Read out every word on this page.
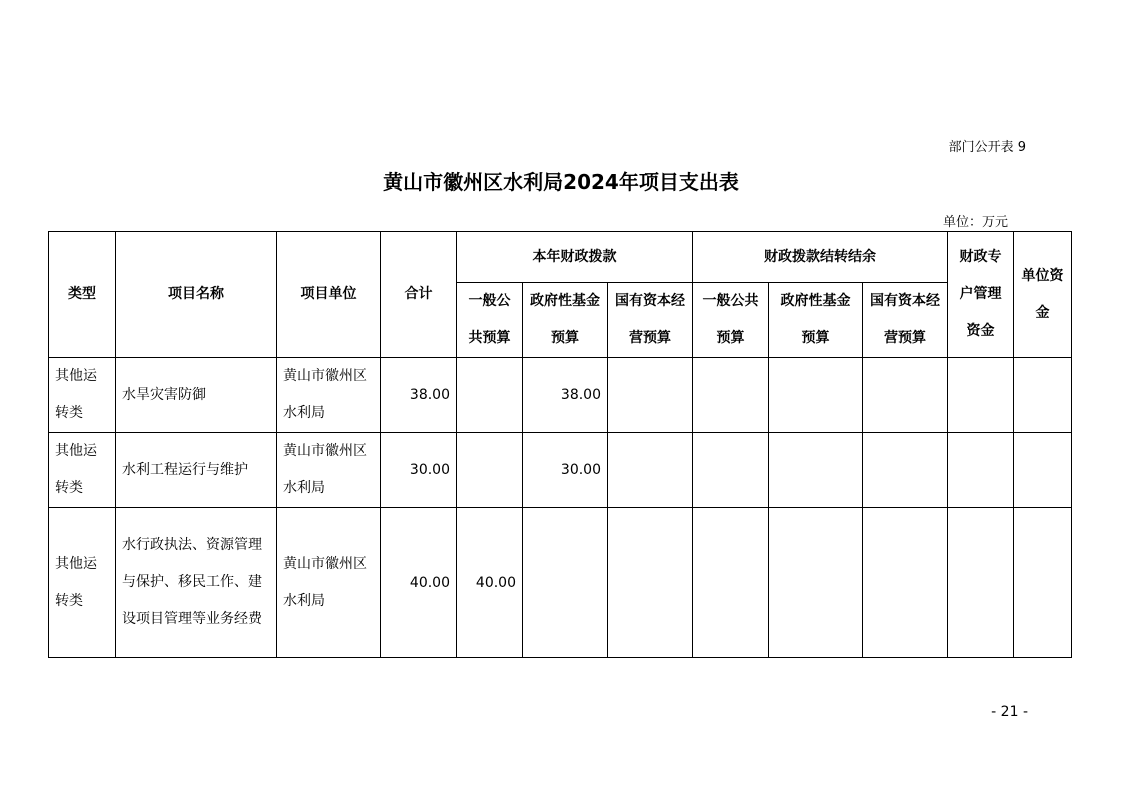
部门公开表 9
黄山市徽州区水利局2024年项目支出表
单位：万元
类型	项目名称	项目单位	合计	本年财政拨款			财政拨款结转结余			财政专户管理资金	单位资金
				一般公共预算	政府性基金预算	国有资本经营预算	一般公共预算	政府性基金预算	国有资本经营预算		
其他运转类	水旱灾害防御	黄山市徽州区水利局	38.00		38.00						
其他运转类	水利工程运行与维护	黄山市徽州区水利局	30.00		30.00						
其他运转类	水行政执法、资源管理与保护、移民工作、建设项目管理等业务经费	黄山市徽州区水利局	40.00	40.00							
- 21 -
